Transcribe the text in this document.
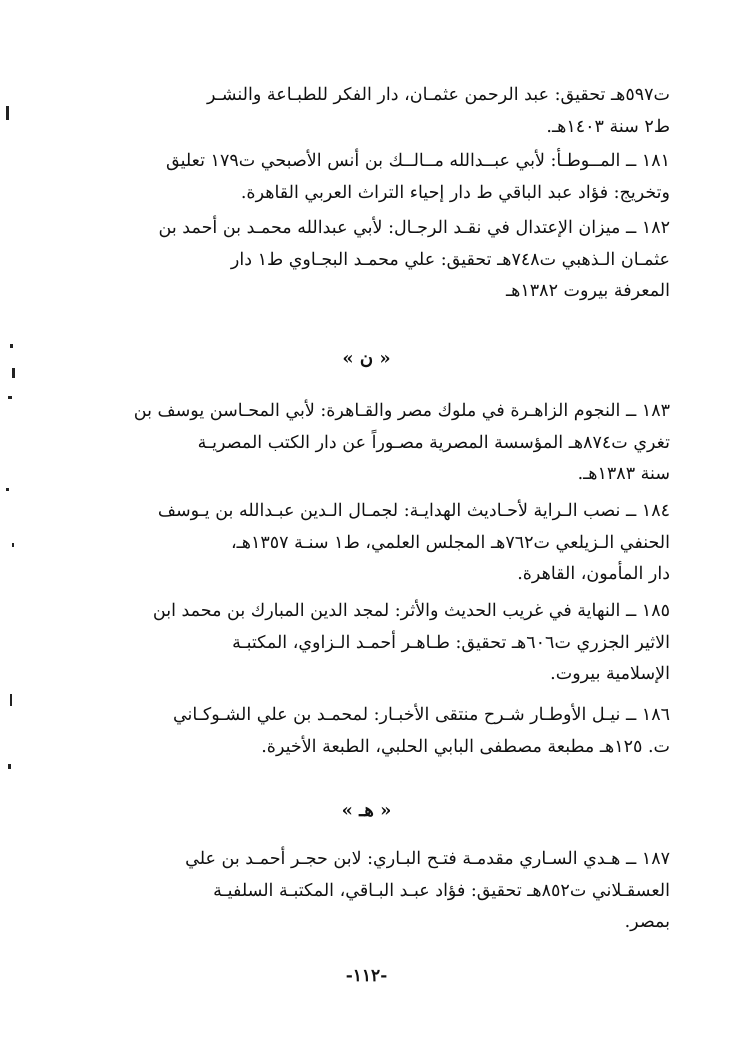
ت٥٩٧هـ تحقيق: عبد الرحمن عثمـان، دار الفكر للطبـاعة والنشـر
ط٢ سنة ١٤٠٣هـ.
١٨١ ــ المــوطـأ: لأبي عبــدالله مــالــك بن أنس الأصبحي ت١٧٩ تعليق
وتخريج: فؤاد عبد الباقي ط دار إحياء التراث العربي القاهرة.
١٨٢ ــ ميزان الإعتدال في نقـد الرجـال: لأبي عبدالله محمـد بن أحمد بن
عثمـان الـذهبي ت٧٤٨هـ تحقيق: علي محمـد البجـاوي ط١ دار
المعرفة بيروت ١٣٨٢هـ
« ن »
١٨٣ ــ النجوم الزاهـرة في ملوك مصر والقـاهرة: لأبي المحـاسن يوسف بن
تغري ت٨٧٤هـ المؤسسة المصرية مصـوراً عن دار الكتب المصريـة
سنة ١٣٨٣هـ.
١٨٤ ــ نصب الـراية لأحـاديث الهدايـة: لجمـال الـدين عبـدالله بن يـوسف
الحنفي الـزيلعي ت٧٦٢هـ المجلس العلمي، ط١ سنـة ١٣٥٧هـ،
دار المأمون، القاهرة.
١٨٥ ــ النهاية في غريب الحديث والأثر: لمجد الدين المبارك بن محمد ابن
الاثير الجزري ت٦٠٦هـ تحقيق: طـاهـر أحمـد الـزاوي، المكتبـة
الإسلامية بيروت.
١٨٦ ــ نيـل الأوطـار شـرح منتقى الأخبـار: لمحمـد بن علي الشـوكـاني
ت. ١٢٥هـ مطبعة مصطفى البابي الحلبي، الطبعة الأخيرة.
« هـ »
١٨٧ ــ هـدي السـاري مقدمـة فتـح البـاري: لابن حجـر أحمـد بن علي
العسقـلاني ت٨٥٢هـ تحقيق: فؤاد عبـد البـاقي، المكتبـة السلفيـة
بمصر.
-١١٢-
